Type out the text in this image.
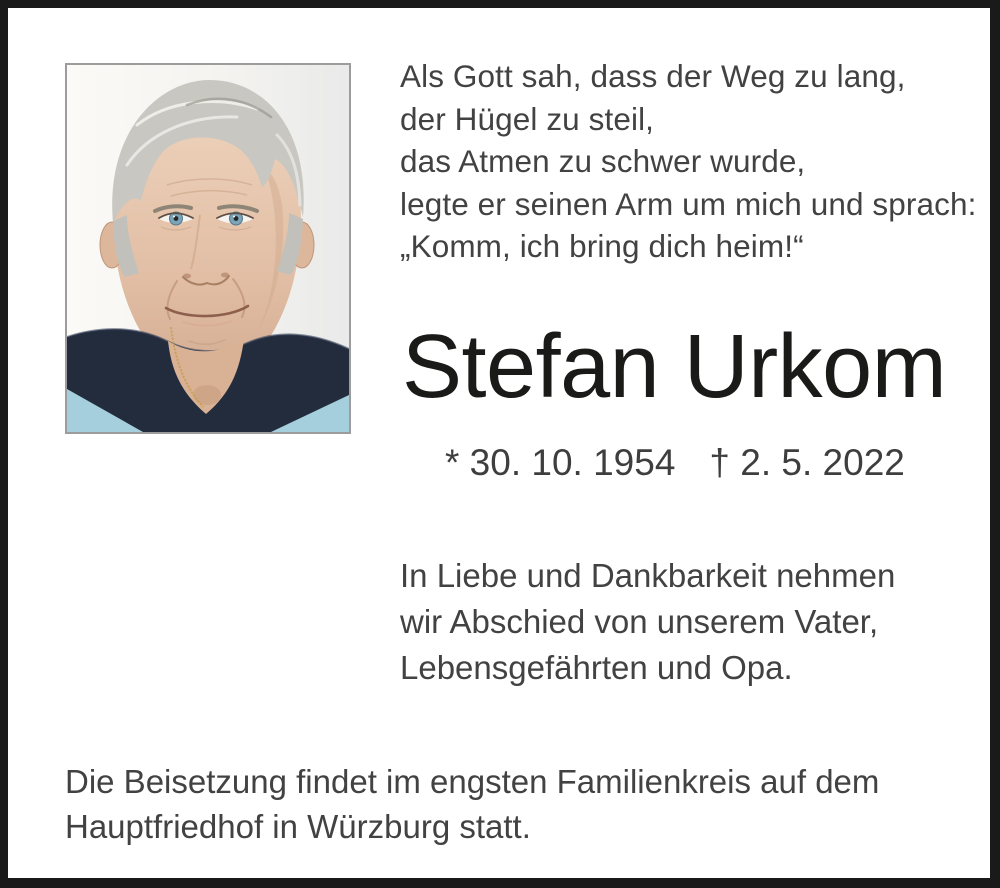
Als Gott sah, dass der Weg zu lang,
der Hügel zu steil,
das Atmen zu schwer wurde,
legte er seinen Arm um mich und sprach:
„Komm, ich bring dich heim!“
Stefan Urkom
* 30. 10. 1954 † 2. 5. 2022
In Liebe und Dankbarkeit nehmen
wir Abschied von unserem Vater,
Lebensgefährten und Opa.
Die Beisetzung findet im engsten Familienkreis auf dem
Hauptfriedhof in Würzburg statt.
